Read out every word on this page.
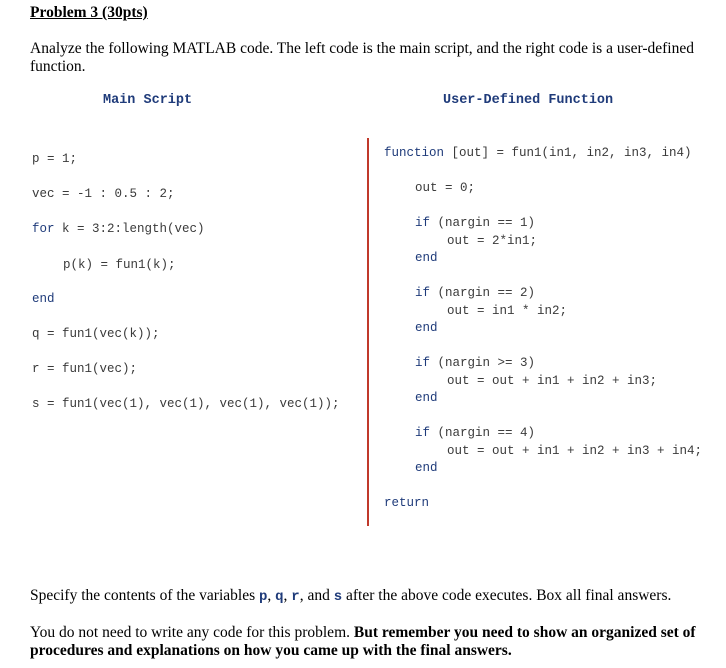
Problem 3 (30pts)
Analyze the following MATLAB code. The left code is the main script, and the right code is a user-defined function.
Main Script	User-Defined Function
p = 1;
vec = -1 : 0.5 : 2;
for k = 3:2:length(vec)
p(k) = fun1(k);
end
q = fun1(vec(k));
r = fun1(vec);
s = fun1(vec(1), vec(1), vec(1), vec(1));
function [out] = fun1(in1, in2, in3, in4)
out = 0;
if (nargin == 1)
out = 2*in1;
end
if (nargin == 2)
out = in1 * in2;
end
if (nargin >= 3)
out = out + in1 + in2 + in3;
end
if (nargin == 4)
out = out + in1 + in2 + in3 + in4;
end
return
Specify the contents of the variables p, q, r, and s after the above code executes. Box all final answers.
You do not need to write any code for this problem. But remember you need to show an organized set of procedures and explanations on how you came up with the final answers.
